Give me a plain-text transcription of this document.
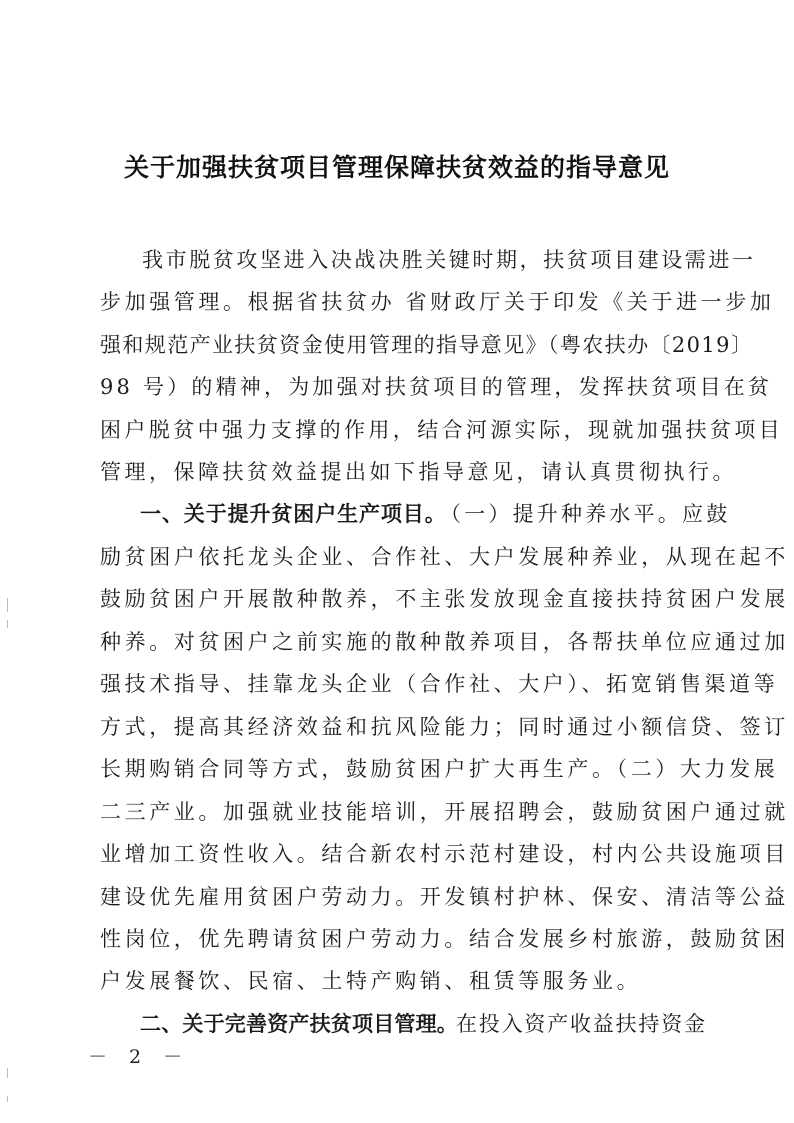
关于加强扶贫项目管理保障扶贫效益的指导意见
我市脱贫攻坚进入决战决胜关键时期，扶贫项目建设需进一
步加强管理。根据省扶贫办 省财政厅关于印发《关于进一步加
强和规范产业扶贫资金使用管理的指导意见》（粤农扶办〔2019〕
98 号）的精神，为加强对扶贫项目的管理，发挥扶贫项目在贫
困户脱贫中强力支撑的作用，结合河源实际，现就加强扶贫项目
管理，保障扶贫效益提出如下指导意见，请认真贯彻执行。
一、关于提升贫困户生产项目。
（一）提升种养水平。应鼓
励贫困户依托龙头企业、合作社、大户发展种养业，从现在起不
鼓励贫困户开展散种散养，不主张发放现金直接扶持贫困户发展
种养。对贫困户之前实施的散种散养项目，各帮扶单位应通过加
强技术指导、挂靠龙头企业（合作社、大户）、拓宽销售渠道等
方式，提高其经济效益和抗风险能力；同时通过小额信贷、签订
长期购销合同等方式，鼓励贫困户扩大再生产。（二）大力发展
二三产业。加强就业技能培训，开展招聘会，鼓励贫困户通过就
业增加工资性收入。结合新农村示范村建设，村内公共设施项目
建设优先雇用贫困户劳动力。开发镇村护林、保安、清洁等公益
性岗位，优先聘请贫困户劳动力。结合发展乡村旅游，鼓励贫困
户发展餐饮、民宿、土特产购销、租赁等服务业。
二、关于完善资产扶贫项目管理。
在投入资产收益扶持资金
－ 2 －
